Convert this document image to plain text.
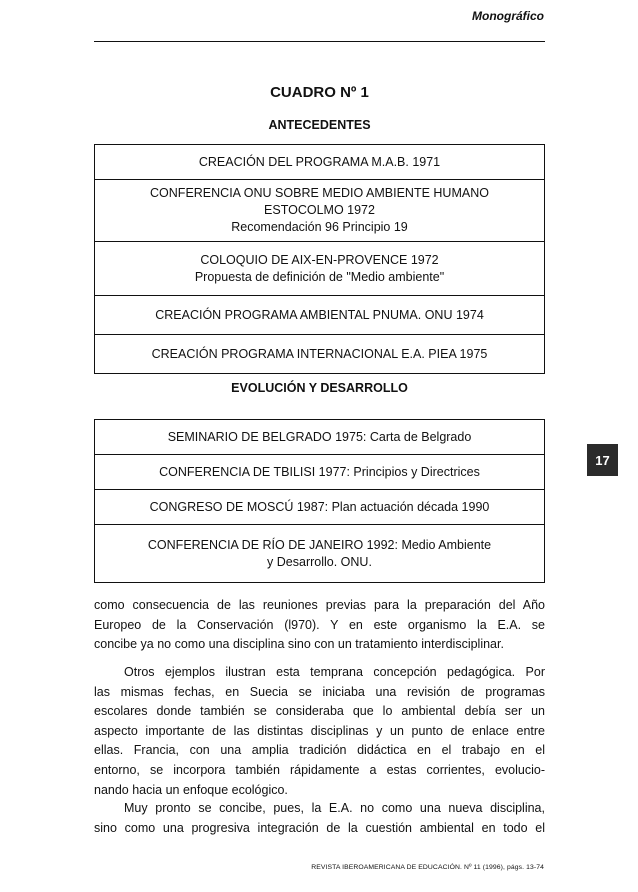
Monográfico
CUADRO Nº 1
ANTECEDENTES
CREACIÓN DEL PROGRAMA M.A.B. 1971
CONFERENCIA ONU SOBRE MEDIO AMBIENTE HUMANO
ESTOCOLMO 1972
Recomendación 96 Principio 19
COLOQUIO DE AIX-EN-PROVENCE 1972
Propuesta de definición de "Medio ambiente"
CREACIÓN PROGRAMA AMBIENTAL PNUMA. ONU 1974
CREACIÓN PROGRAMA INTERNACIONAL E.A. PIEA 1975
EVOLUCIÓN Y DESARROLLO
SEMINARIO DE BELGRADO 1975: Carta de Belgrado
CONFERENCIA DE TBILISI 1977: Principios y Directrices
CONGRESO DE MOSCÚ 1987: Plan actuación década 1990
CONFERENCIA DE RÍO DE JANEIRO 1992: Medio Ambiente
y Desarrollo. ONU.
17

como consecuencia de las reuniones previas para la preparación del Año

Europeo de la Conservación (l970). Y en este organismo la E.A. se

concibe ya no como una disciplina sino con un tratamiento interdisciplinar.

Otros ejemplos ilustran esta temprana concepción pedagógica. Por

las mismas fechas, en Suecia se iniciaba una revisión de programas

escolares donde también se consideraba que lo ambiental debía ser un

aspecto importante de las distintas disciplinas y un punto de enlace entre

ellas. Francia, con una amplia tradición didáctica en el trabajo en el

entorno, se incorpora también rápidamente a estas corrientes, evolucio-

nando hacia un enfoque ecológico.

Muy pronto se concibe, pues, la E.A. no como una nueva disciplina,

sino como una progresiva integración de la cuestión ambiental en todo el

REVISTA IBEROAMERICANA DE EDUCACIÓN. Nº 11 (1996), págs. 13-74
